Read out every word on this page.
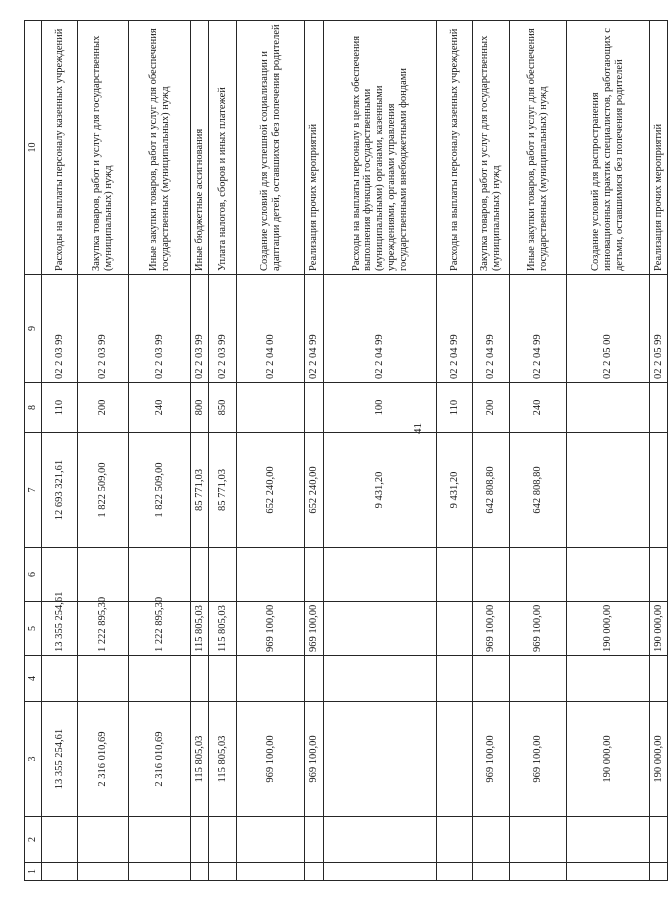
41
1	2	3	4	5	6	7	8	9	10
		13 355 254,61		13 355 254,61		12 693 321,61	110	02 2 03 99	Расходы на выплаты персоналу казенных учреждений
		2 316 010,69		1 222 895,30		1 822 509,00	200	02 2 03 99	Закупка товаров, работ и услуг для государственных (муниципальных) нужд
		2 316 010,69		1 222 895,30		1 822 509,00	240	02 2 03 99	Иные закупки товаров, работ и услуг для обеспечения государственных (муниципальных) нужд
		115 805,03		115 805,03		85 771,03	800	02 2 03 99	Иные бюджетные ассигнования
		115 805,03		115 805,03		85 771,03	850	02 2 03 99	Уплата налогов, сборов и иных платежей
		969 100,00		969 100,00		652 240,00		02 2 04 00	Создание условий для успешной социализации и адаптации детей, оставшихся без попечения родителей
		969 100,00		969 100,00		652 240,00		02 2 04 99	Реализация прочих мероприятий
						9 431,20	100	02 2 04 99	Расходы на выплаты персоналу в целях обеспечения выполнения функций государственными (муниципальными) органами, казенными учреждениями, органами управления государственными внебюджетными фондами
						9 431,20	110	02 2 04 99	Расходы на выплаты персоналу казенных учреждений
		969 100,00		969 100,00		642 808,80	200	02 2 04 99	Закупка товаров, работ и услуг для государственных (муниципальных) нужд
		969 100,00		969 100,00		642 808,80	240	02 2 04 99	Иные закупки товаров, работ и услуг для обеспечения государственных (муниципальных) нужд
		190 000,00		190 000,00				02 2 05 00	Создание условий для распространения инновационных практик специалистов, работающих с детьми, оставшимися без попечения родителей
		190 000,00		190 000,00				02 2 05 99	Реализация прочих мероприятий
